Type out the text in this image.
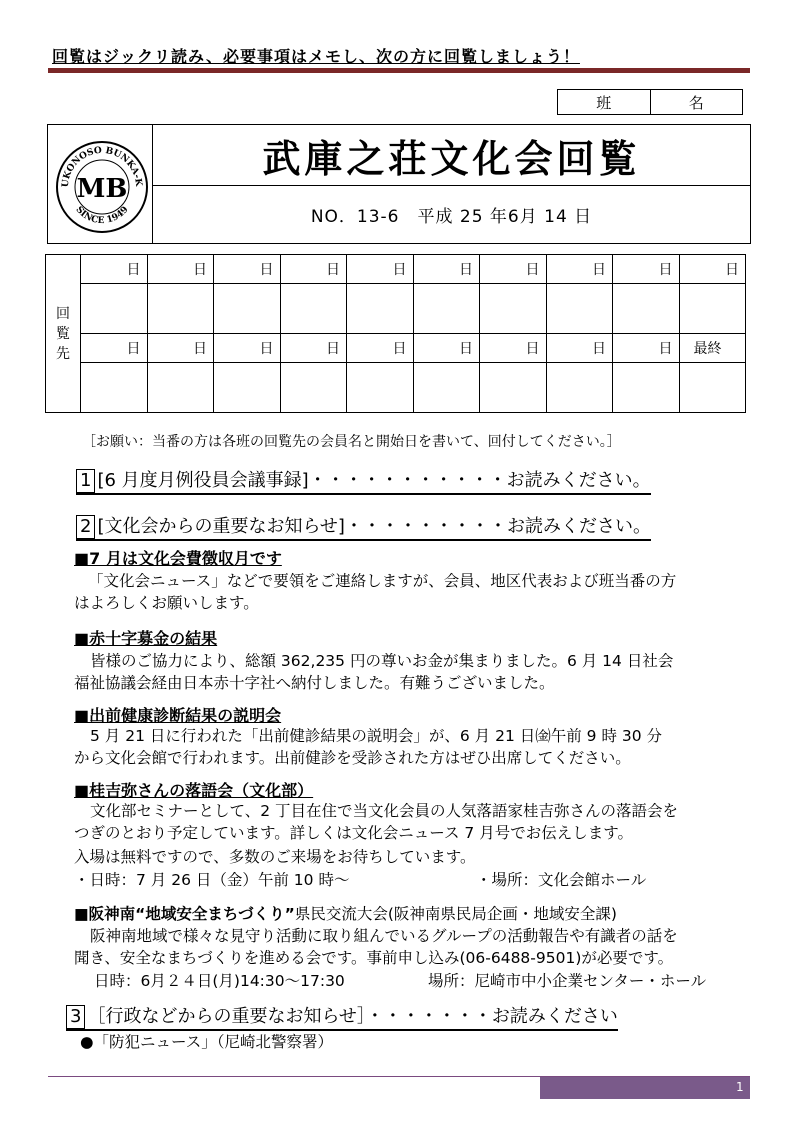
回覧はジックリ読み、必要事項はメモし、次の方に回覧しましょう！
班	名
UKONOSO BUNKA-K
SINCE 1949
MB
武庫之荘文化会回覧
NO．13-6　平成 25 年6月 14 日
回
覧
先	日	日	日	日	日	日	日	日	日	日

	日	日	日	日	日	日	日	日	日	最終

［お願い：当番の方は各班の回覧先の会員名と開始日を書いて、回付してください。］
1 [6 月度月例役員会議事録]・・・・・・・・・・・お読みください。
2 [文化会からの重要なお知らせ]・・・・・・・・・お読みください。
■7 月は文化会費徴収月です
「文化会ニュース」などで要領をご連絡しますが、会員、地区代表および班当番の方
はよろしくお願いします。
■赤十字募金の結果
皆様のご協力により、総額 362,235 円の尊いお金が集まりました。6 月 14 日社会
福祉協議会経由日本赤十字社へ納付しました。有難うございました。
■出前健康診断結果の説明会
5 月 21 日に行われた「出前健診結果の説明会」が、6 月 21 日㈮午前 9 時 30 分
から文化会館で行われます。出前健診を受診された方はぜひ出席してください。
■桂吉弥さんの落語会（文化部）
文化部セミナーとして、2 丁目在住で当文化会員の人気落語家桂吉弥さんの落語会を
つぎのとおり予定しています。詳しくは文化会ニュース 7 月号でお伝えします。
入場は無料ですので、多数のご来場をお待ちしています。
・日時：7 月 26 日（金）午前 10 時～	・場所：文化会館ホール
■阪神南“地域安全まちづくり”県民交流大会(阪神南県民局企画・地域安全課)
阪神南地域で様々な見守り活動に取り組んでいるグループの活動報告や有識者の話を
聞き、安全なまちづくりを進める会です。事前申し込み(06-6488-9501)が必要です。
日時：6月２４日(月)14:30～17:30	場所：尼崎市中小企業センター・ホール
3 ［行政などからの重要なお知らせ］・・・・・・・お読みください
●「防犯ニュース」（尼崎北警察署）
1
